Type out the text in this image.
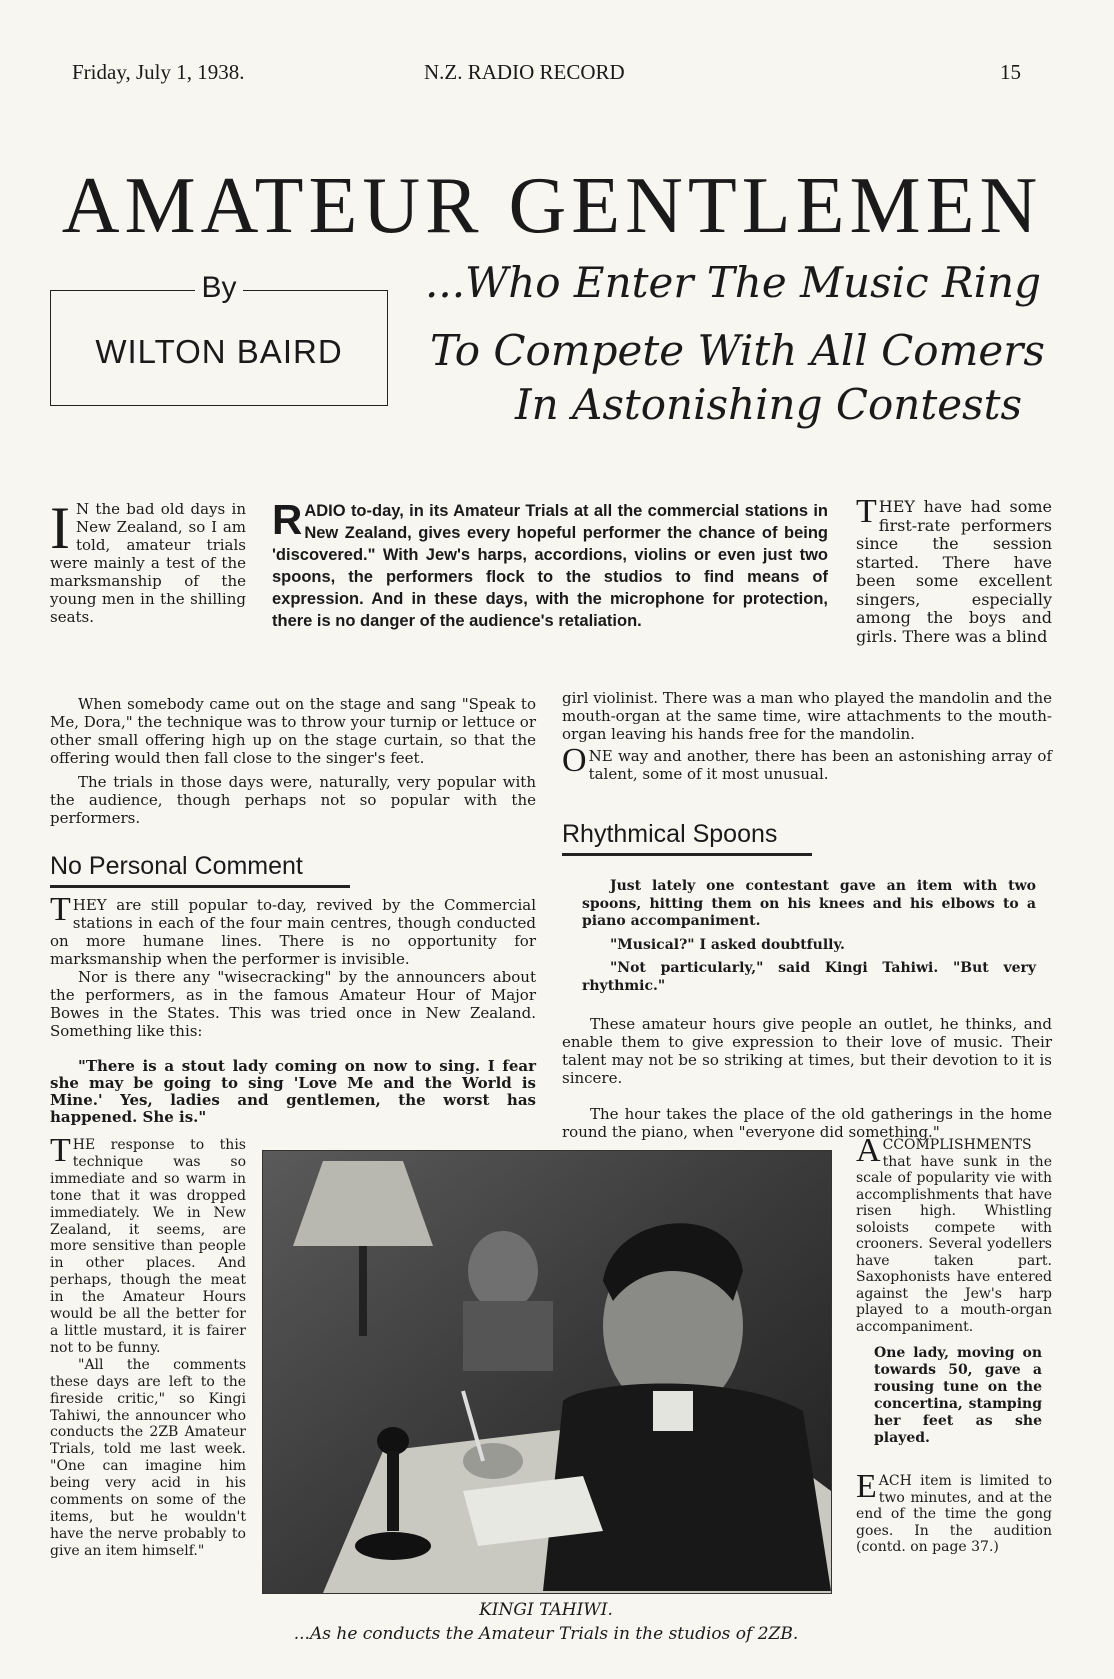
Friday, July 1, 1938.	N.Z. RADIO RECORD	15
AMATEUR GENTLEMEN
By
WILTON BAIRD
...Who Enter The Music Ring
To Compete With All Comers
In Astonishing Contests

I N the bad old days in New Zealand, so I am told, amateur trials were mainly a test of the marksmanship of the young men in the shilling seats.

When somebody came out on the stage and sang "Speak to Me, Dora," the technique was to throw your turnip or lettuce or other small offering high up on the stage curtain, so that the offering would then fall close to the singer's feet.

The trials in those days were, naturally, very popular with the audience, though perhaps not so popular with the performers.

RADIO to-day, in its Amateur Trials at all the commercial stations in New Zealand, gives every hopeful performer the chance of being 'discovered." With Jew's harps, accordions, violins or even just two spoons, the performers flock to the studios to find means of expression. And in these days, with the microphone for protection, there is no danger of the audience's retaliation.

THEY have had some first-rate performers since the session started. There have been some excellent singers, especially among the boys and girls. There was a blind

girl violinist. There was a man who played the mandolin and the mouth-organ at the same time, wire attachments to the mouth-organ leaving his hands free for the mandolin.

ONE way and another, there has been an astonishing array of talent, some of it most unusual.

No Personal Comment

THEY are still popular to-day, revived by the Commercial stations in each of the four main centres, though conducted on more humane lines. There is no opportunity for marksmanship when the performer is invisible.

Nor is there any "wisecracking" by the announcers about the performers, as in the famous Amateur Hour of Major Bowes in the States. This was tried once in New Zealand. Something like this:

"There is a stout lady coming on now to sing. I fear she may be going to sing 'Love Me and the World is Mine.' Yes, ladies and gentlemen, the worst has happened. She is."

Rhythmical Spoons

Just lately one contestant gave an item with two spoons, hitting them on his knees and his elbows to a piano accompaniment.

"Musical?" I asked doubtfully.

"Not particularly," said Kingi Tahiwi. "But very rhythmic."

These amateur hours give people an outlet, he thinks, and enable them to give expression to their love of music. Their talent may not be so striking at times, but their devotion to it is sincere.

The hour takes the place of the old gatherings in the home round the piano, when "everyone did something."

THE response to this technique was so immediate and so warm in tone that it was dropped immediately. We in New Zealand, it seems, are more sensitive than people in other places. And perhaps, though the meat in the Amateur Hours would be all the better for a little mustard, it is fairer not to be funny.

"All the comments these days are left to the fireside critic," so Kingi Tahiwi, the announcer who conducts the 2ZB Amateur Trials, told me last week. "One can imagine him being very acid in his comments on some of the items, but he wouldn't have the nerve probably to give an item himself."

KINGI TAHIWI.
...As he conducts the Amateur Trials in the studios of 2ZB.

ACCOMPLISHMENTS that have sunk in the scale of popularity vie with accomplishments that have risen high. Whistling soloists compete with crooners. Several yodellers have taken part. Saxophonists have entered against the Jew's harp played to a mouth-organ accompaniment.

One lady, moving on towards 50, gave a rousing tune on the concertina, stamping her feet as she played.

EACH item is limited to two minutes, and at the end of the time the gong goes. In the audition (contd. on page 37.)
